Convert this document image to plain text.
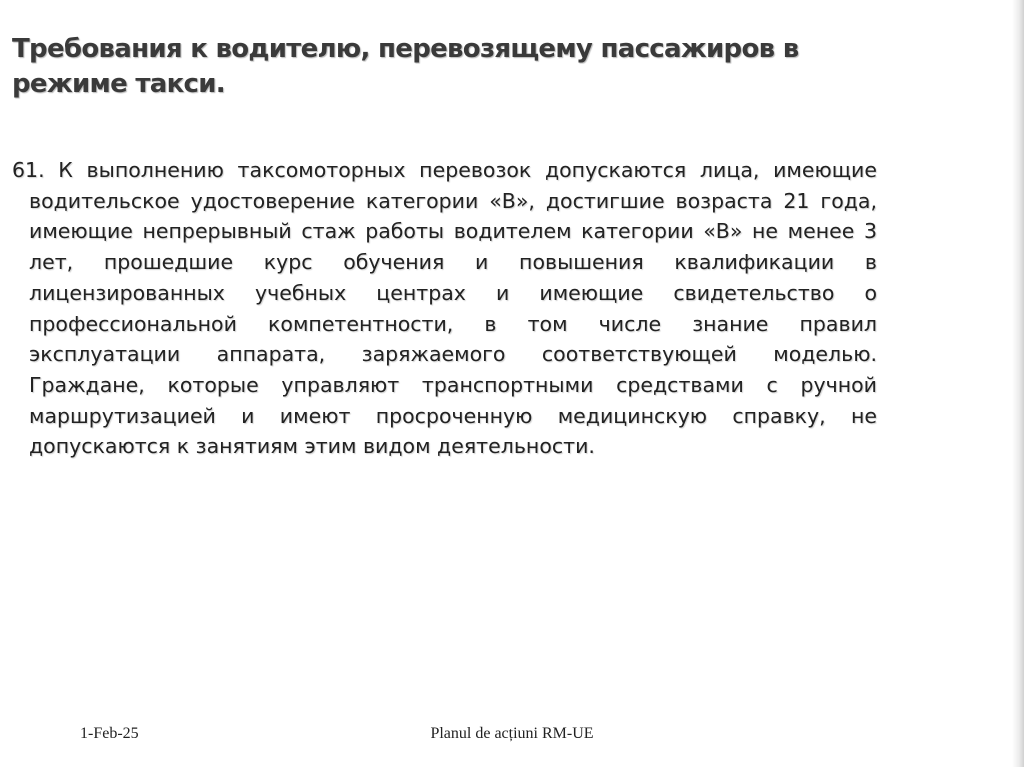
Требования к водителю, перевозящему пассажиров в режиме такси.

61. К выполнению таксомоторных перевозок допускаются лица, имеющие водительское удостоверение категории «В», достигшие возраста 21 года, имеющие непрерывный стаж работы водителем категории «В» не менее 3 лет, прошедшие курс обучения и повышения квалификации в лицензированных учебных центрах и имеющие свидетельство о профессиональной компетентности, в том числе знание правил эксплуатации аппарата, заряжаемого соответствующей моделью. Граждане, которые управляют транспортными средствами с ручной маршрутизацией и имеют просроченную медицинскую справку, не допускаются к занятиям этим видом деятельности.

1-Feb-25	Planul de acțiuni RM-UE
